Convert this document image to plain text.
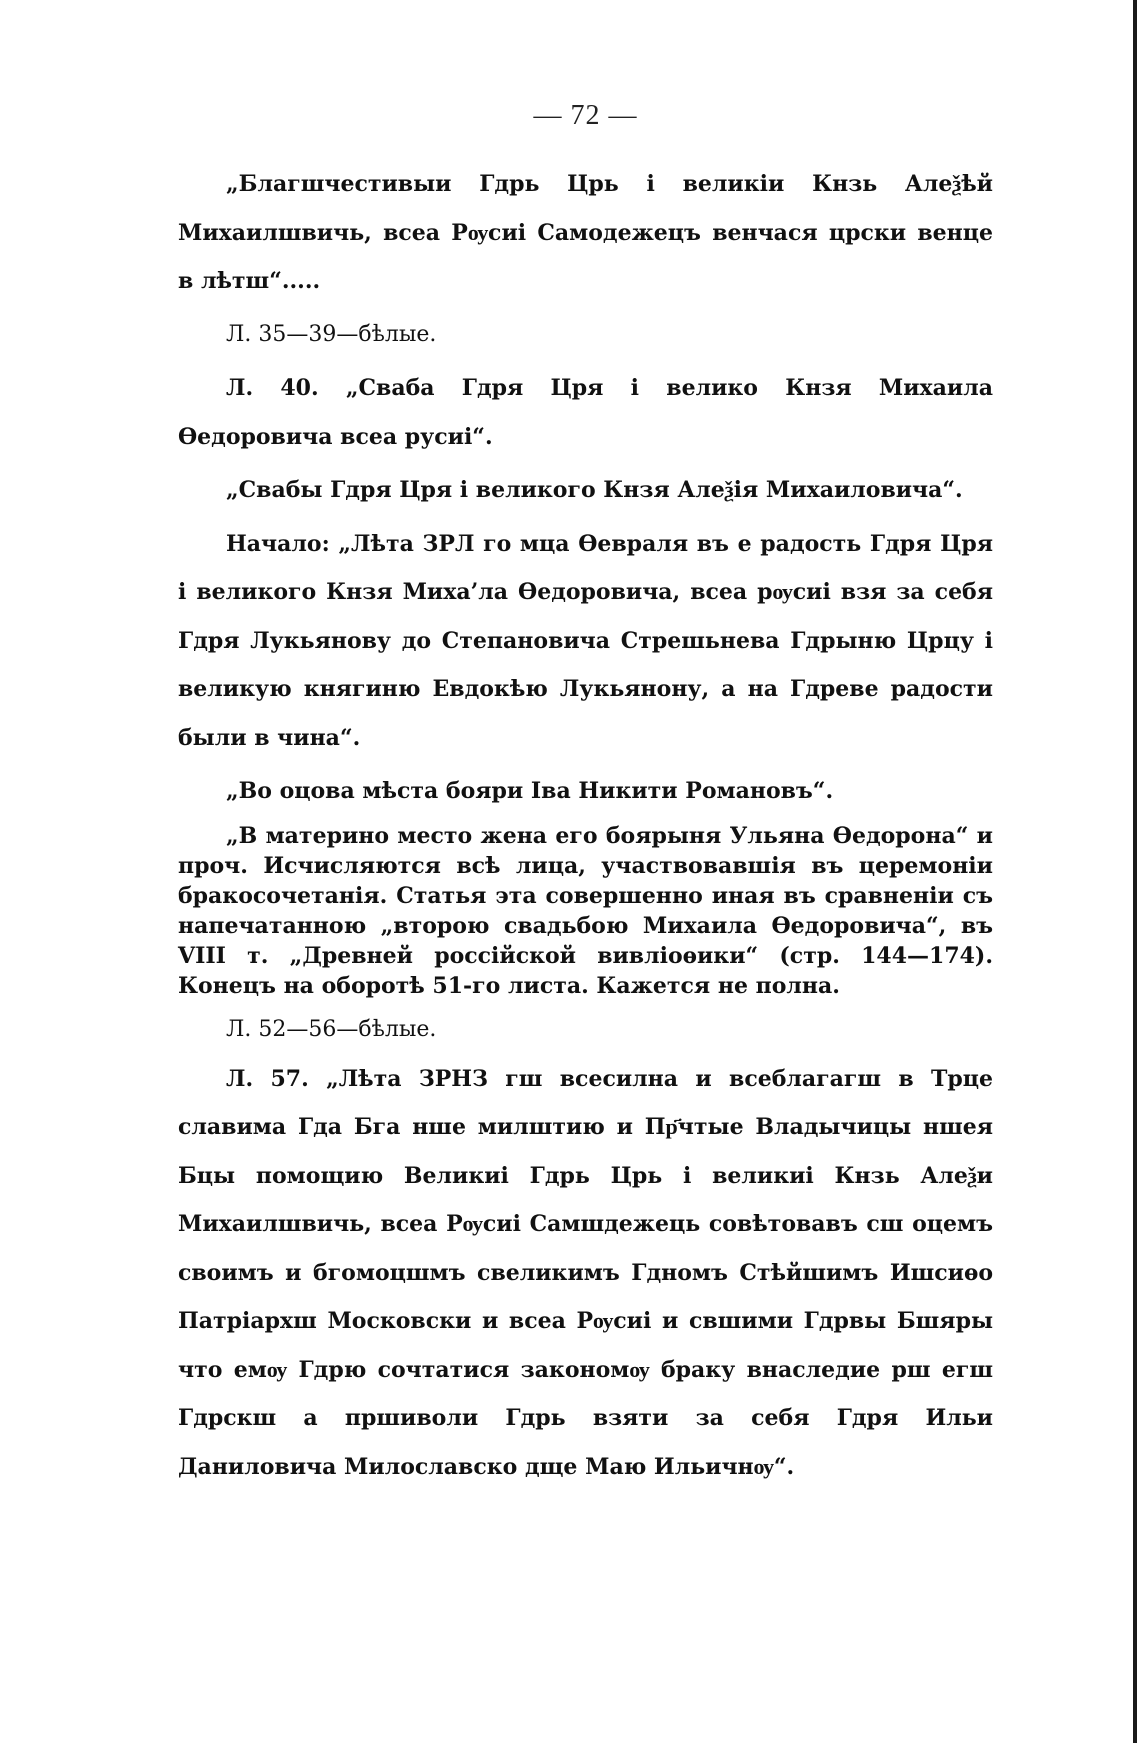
— 72 —

„Благшчестивыи Гдрь Црь і великіи Кнзь Алеѯѣй Михаилшвичь, всеа Рѹсиі Самодежецъ венчася црски венце в лѣтш“.....

Л. 35—39—бѣлые.

Л. 40. „Свaба Гдря Цря і велико Кнзя Михаила Ѳедоровича всеа русиі“.

„Свабы Гдря Цря і великого Кнзя Алеѯія Михаиловича“.

Начало: „Лѣта ЗРЛ го мца Ѳевраля въ е радость Гдря Цря і великого Кнзя Миха’ла Ѳедоровича, всеа рѹсиі взя за себя Гдря Лукьянову до Степановича Стрешьнева Гдрыню Црцу і великую княгиню Евдокѣю Лукьянону, а на Гдреве радости были в чина“.

„Во оцова мѣста бояри Іва Никити Романовъ“.

„В материно место жена его боярыня Ульяна Ѳедорона“ и проч. Исчисляются всѣ лица, участвовавшія въ церемоніи бракосочетанія. Статья эта совершенно иная въ сравненіи съ напечатанною „второю свадьбою Михаила Ѳедоровича“, въ VIII т. „Древней россійской вивліоѳики“ (стр. 144—174). Конецъ на оборотѣ 51-го листа. Кажется не полна.

Л. 52—56—бѣлые.

Л. 57. „Лѣта ЗРНЗ гш всесилна и всеблагагш в Трце славима Гда Бга нше милштию и Пр҃чтые Владычицы ншея Бцы помощию Великиі Гдрь Црь і великиі Кнзь Алеѯи Михаилшвичь, всеа Рѹсиі Самшдежець совѣтовавъ сш оцемъ своимъ и бгомоцшмъ свеликимъ Гдномъ Стѣйшимъ Ишсиѳо Патріархш Московски и всеа Рѹсиі и свшими Гдрвы Бшяры что емѹ Гдрю сочтатися закономѹ браку внаследие рш егш Гдрскш а пршиволи Гдрь взяти за себя Гдря Ильи Даниловича Милославско дще Маю Ильичнѹ“.
